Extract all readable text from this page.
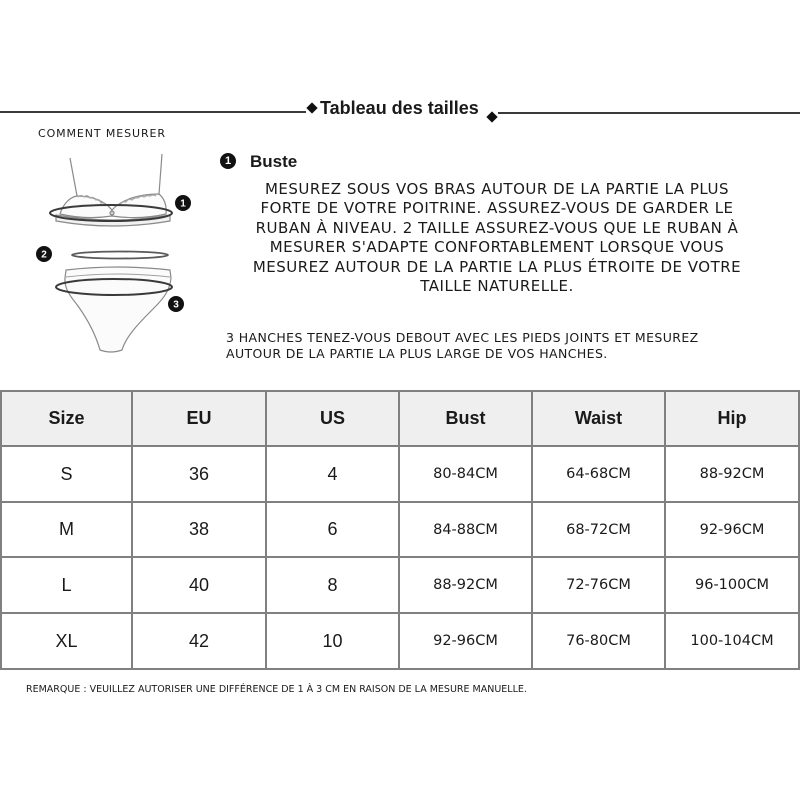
Tableau des tailles
COMMENT MESURER
1
2
3
1 Buste
MESUREZ SOUS VOS BRAS AUTOUR DE LA PARTIE LA PLUS
FORTE DE VOTRE POITRINE. ASSUREZ-VOUS DE GARDER LE
RUBAN À NIVEAU. 2 TAILLE ASSUREZ-VOUS QUE LE RUBAN À
MESURER S'ADAPTE CONFORTABLEMENT LORSQUE VOUS
MESUREZ AUTOUR DE LA PARTIE LA PLUS ÉTROITE DE VOTRE
TAILLE NATURELLE.
3 HANCHES TENEZ-VOUS DEBOUT AVEC LES PIEDS JOINTS ET MESUREZ
AUTOUR DE LA PARTIE LA PLUS LARGE DE VOS HANCHES.
Size	EU	US	Bust	Waist	Hip
S	36	4	80-84CM	64-68CM	88-92CM
M	38	6	84-88CM	68-72CM	92-96CM
L	40	8	88-92CM	72-76CM	96-100CM
XL	42	10	92-96CM	76-80CM	100-104CM
REMARQUE : VEUILLEZ AUTORISER UNE DIFFÉRENCE DE 1 À 3 CM EN RAISON DE LA MESURE MANUELLE.
